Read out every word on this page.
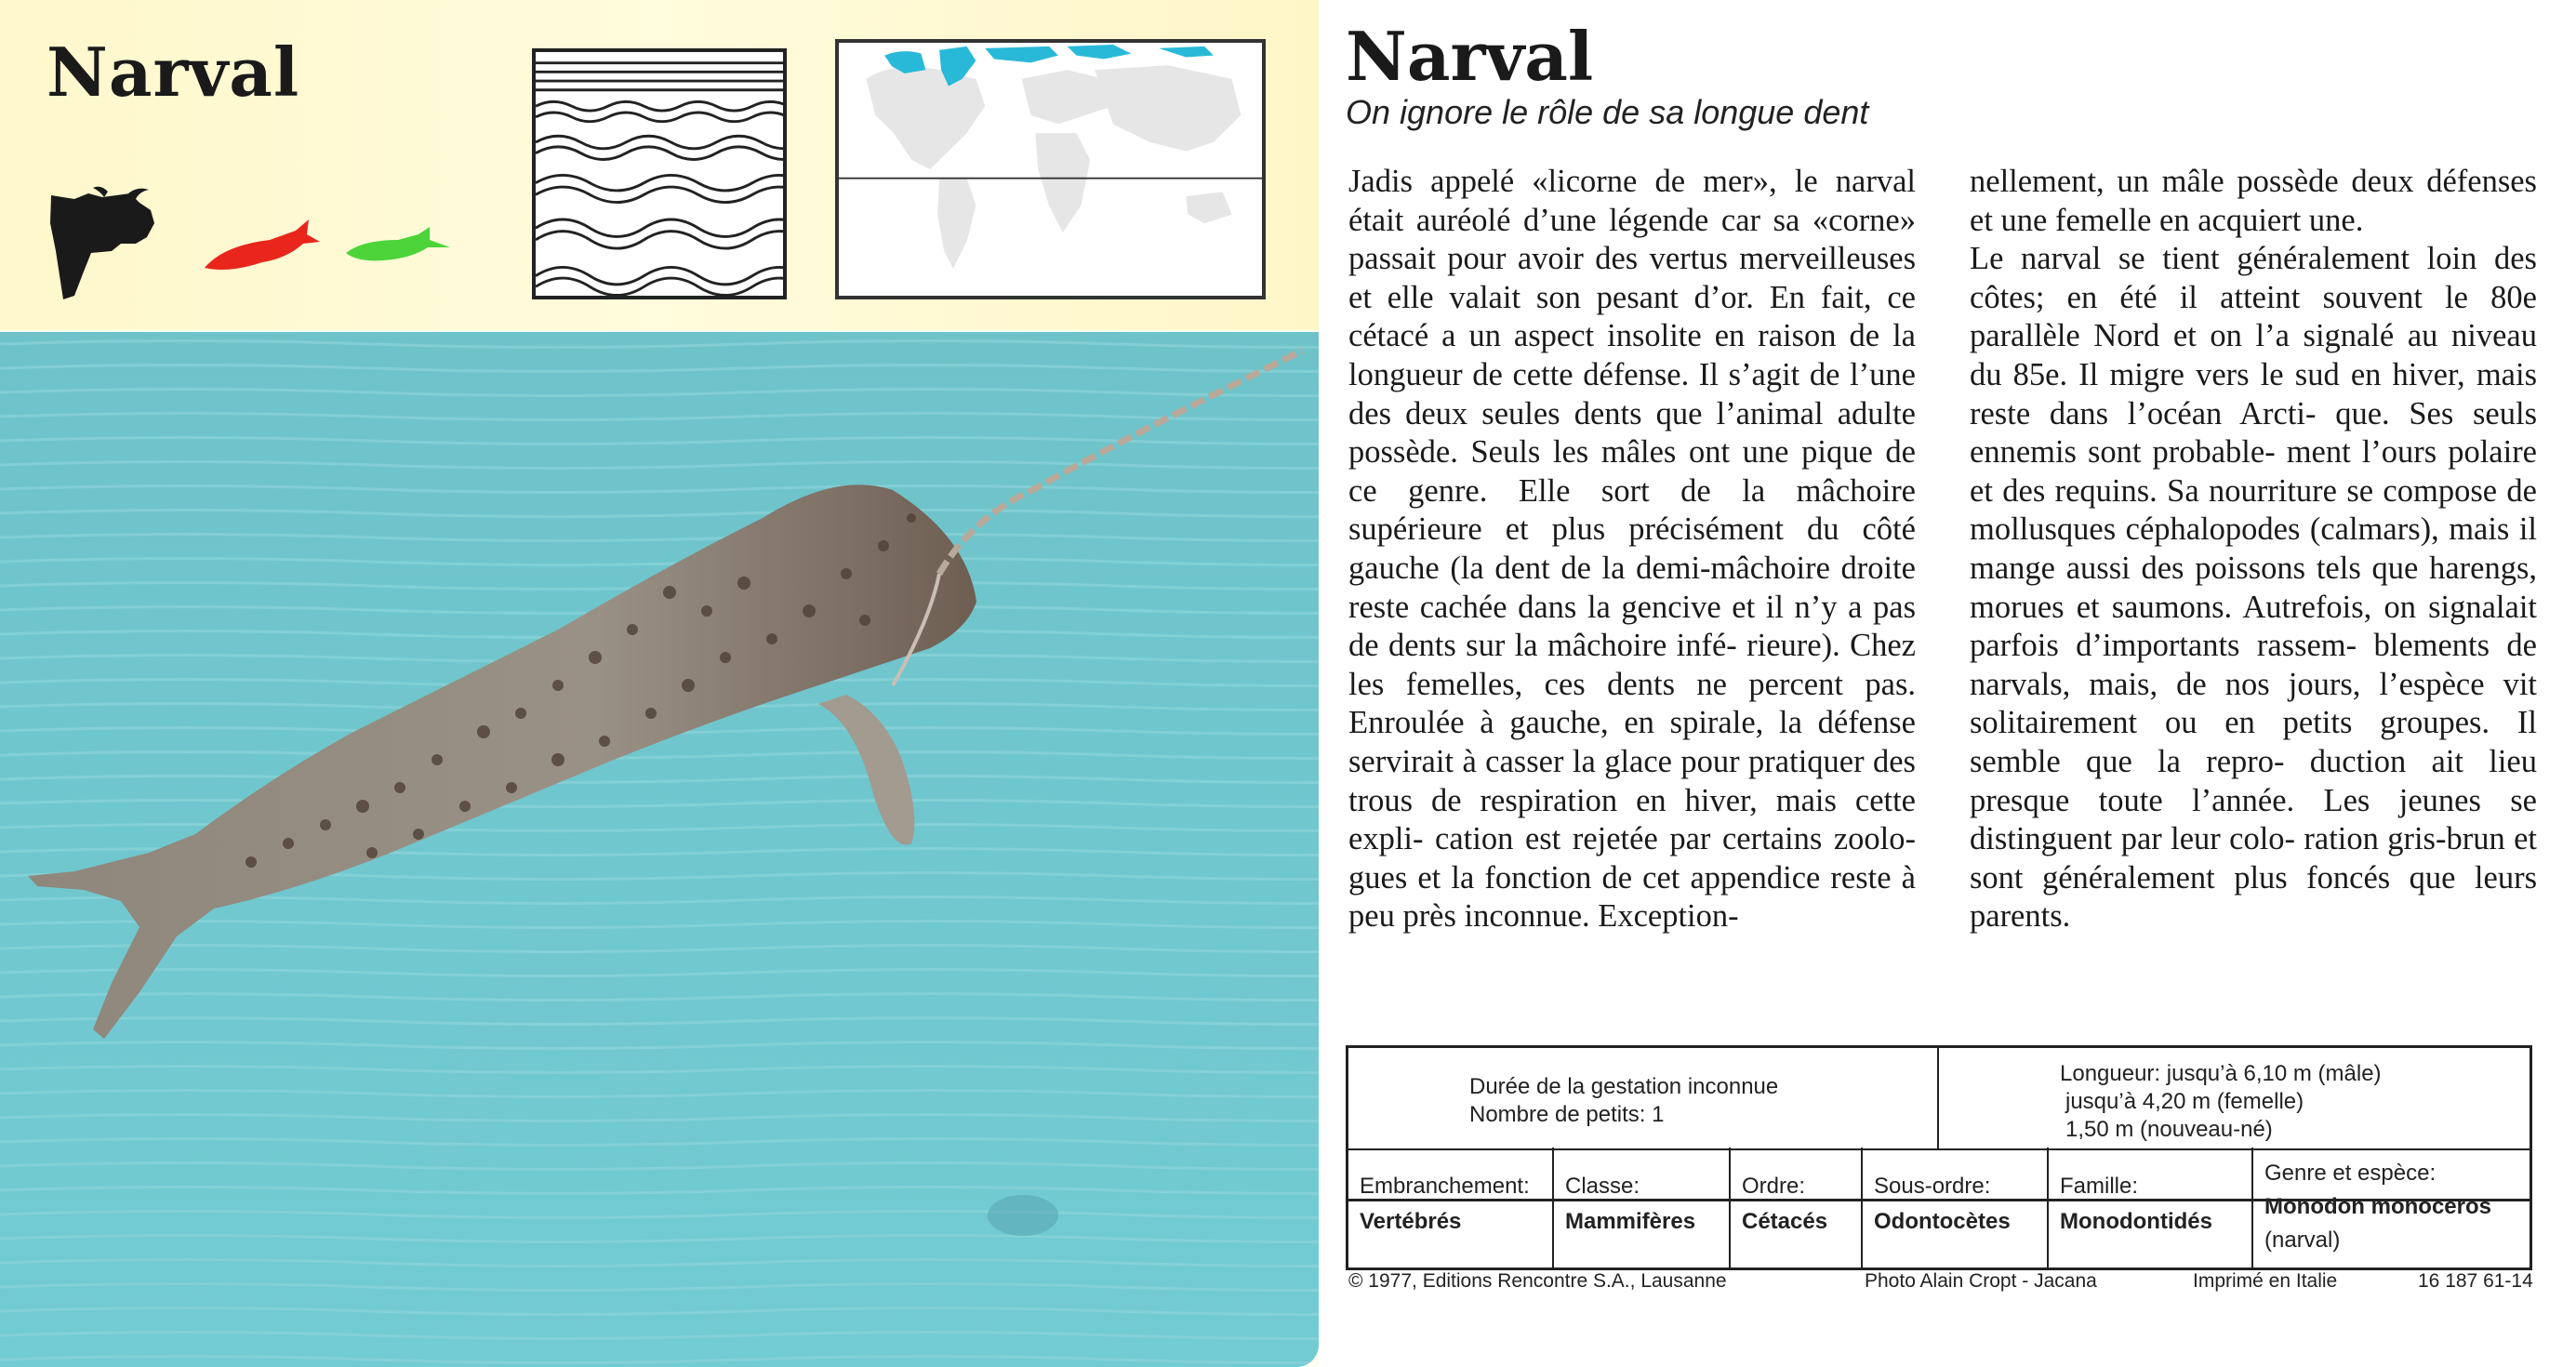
Narval	Narval
On ignore le rôle de sa longue dent

Jadis appelé «licorne de mer», le narval était auréolé d’une légende car sa «corne» passait pour avoir des vertus merveilleuses et elle valait son pesant d’or. En fait, ce cétacé a un aspect insolite en raison de la longueur de cette défense. Il s’agit de l’une des deux seules dents que l’animal adulte possède. Seuls les mâles ont une pique de ce genre. Elle sort de la mâchoire supérieure et plus précisément du côté gauche (la dent de la demi-mâchoire droite reste cachée dans la gencive et il n’y a pas de dents sur la mâchoire infé- rieure). Chez les femelles, ces dents ne percent pas. Enroulée à gauche, en spirale, la défense servirait à casser la glace pour pratiquer des trous de respiration en hiver, mais cette expli- cation est rejetée par certains zoolo- gues et la fonction de cet appendice reste à peu près inconnue. Exception-

nellement, un mâle possède deux défenses et une femelle en acquiert une.

Le narval se tient généralement loin des côtes; en été il atteint souvent le 80e parallèle Nord et on l’a signalé au niveau du 85e. Il migre vers le sud en hiver, mais reste dans l’océan Arcti- que. Ses seuls ennemis sont probable- ment l’ours polaire et des requins. Sa nourriture se compose de mollusques céphalopodes (calmars), mais il mange aussi des poissons tels que harengs, morues et saumons. Autrefois, on signalait parfois d’importants rassem- blements de narvals, mais, de nos jours, l’espèce vit solitairement ou en petits groupes. Il semble que la repro- duction ait lieu presque toute l’année. Les jeunes se distinguent par leur colo- ration gris-brun et sont généralement plus foncés que leurs parents.

Durée de la gestation inconnue
Nombre de petits: 1
Longueur: jusqu’à 6,10 m (mâle)
jusqu’à 4,20 m (femelle)
1,50 m (nouveau-né)
Embranchement:
Vertébrés
Classe:
Mammifères
Ordre:
Cétacés
Sous-ordre:
Odontocètes
Famille:
Monodontidés
Genre et espèce:
Monodon monoceros
(narval)
© 1977, Editions Rencontre S.A., Lausanne	Photo Alain Cropt - Jacana	Imprimé en Italie	16 187 61-14
